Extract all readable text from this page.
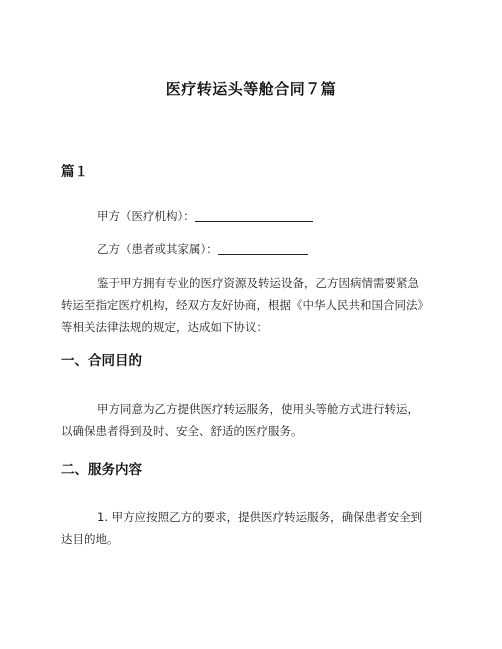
医疗转运头等舱合同７篇
篇１
甲方（医疗机构）：
乙方（患者或其家属）：
鉴于甲方拥有专业的医疗资源及转运设备，乙方因病情需要紧急
转运至指定医疗机构，经双方友好协商，根据《中华人民共和国合同法》
等相关法律法规的规定，达成如下协议：
一、合同目的
甲方同意为乙方提供医疗转运服务，使用头等舱方式进行转运，
以确保患者得到及时、安全、舒适的医疗服务。
二、服务内容
1. 甲方应按照乙方的要求，提供医疗转运服务，确保患者安全到
达目的地。
